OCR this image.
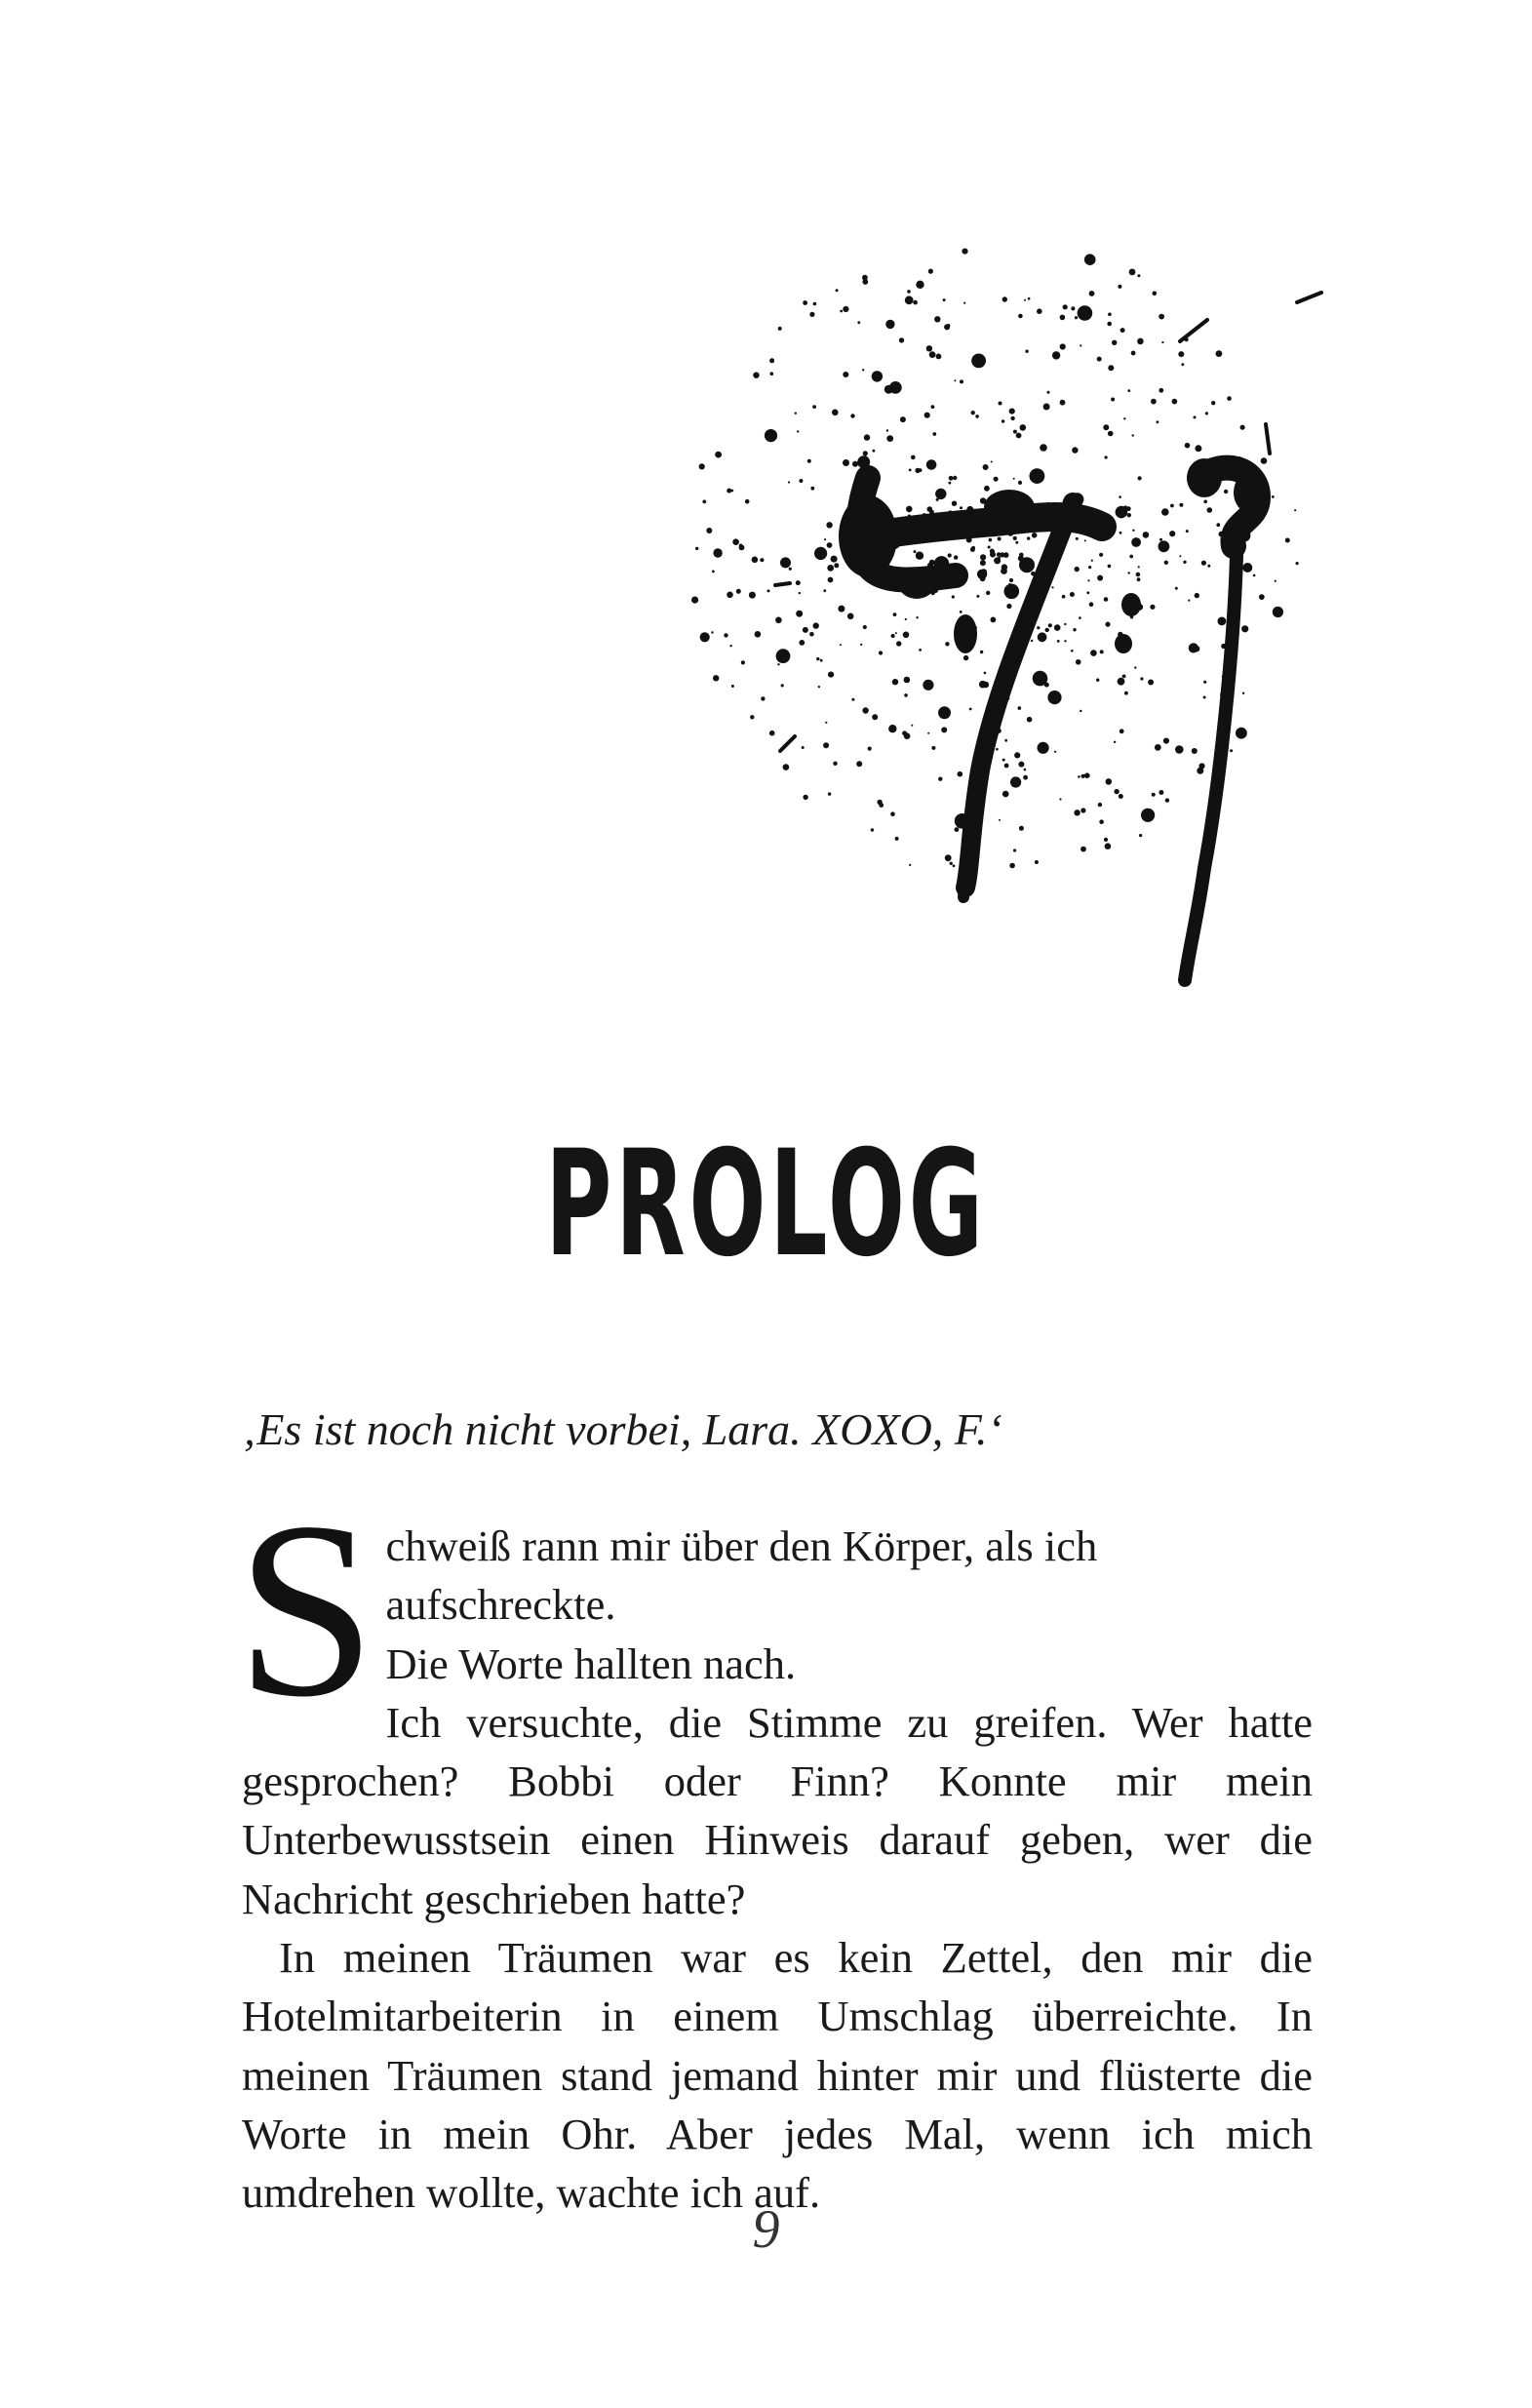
PROLOG
‚Es ist noch nicht vorbei, Lara. XOXO, F.‘

S chweiß rann mir über den Körper, als ich aufschreckte.
Die Worte hallten nach.

Ich versuchte, die Stimme zu greifen. Wer hatte gesprochen? Bobbi oder Finn? Konnte mir mein Unterbewusstsein einen Hinweis darauf geben, wer die Nachricht geschrieben hatte?

In meinen Träumen war es kein Zettel, den mir die Hotelmitarbeiterin in einem Umschlag überreichte. In meinen Träumen stand jemand hinter mir und flüsterte die Worte in mein Ohr. Aber jedes Mal, wenn ich mich umdrehen wollte, wachte ich auf.

9
